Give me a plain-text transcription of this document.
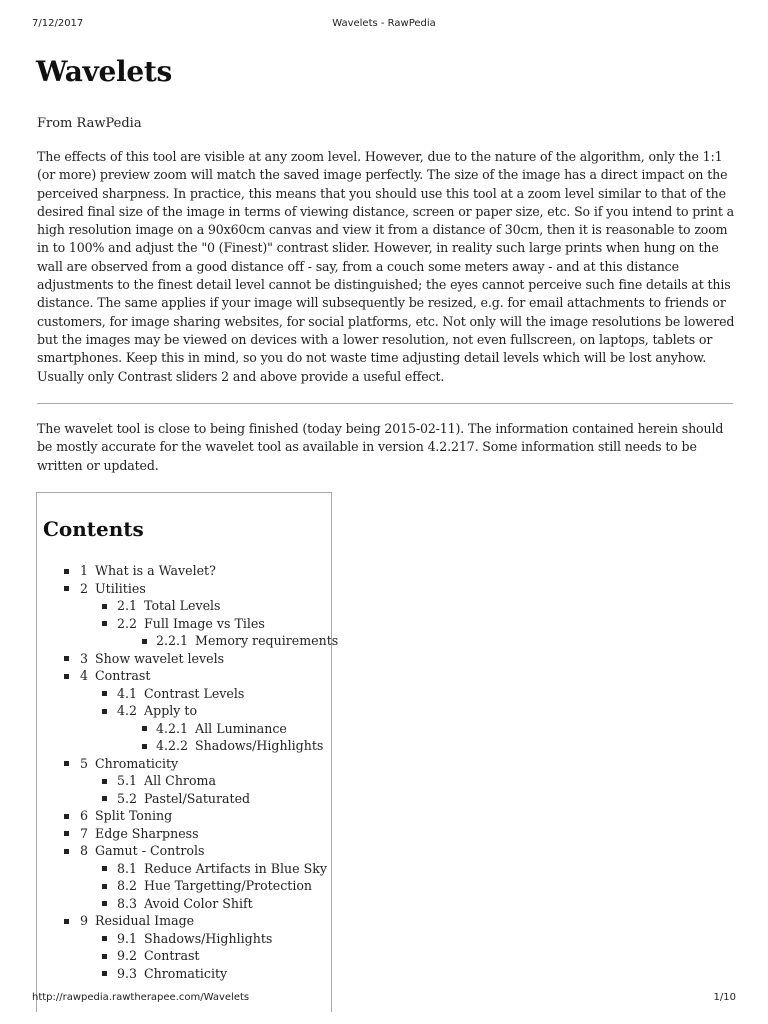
7/12/2017	Wavelets - RawPedia
Wavelets
From RawPedia

The effects of this tool are visible at any zoom level. However, due to the nature of the algorithm, only the 1:1 (or more) preview zoom will match the saved image perfectly. The size of the image has a direct impact on the perceived sharpness. In practice, this means that you should use this tool at a zoom level similar to that of the desired final size of the image in terms of viewing distance, screen or paper size, etc. So if you intend to print a high resolution image on a 90x60cm canvas and view it from a distance of 30cm, then it is reasonable to zoom in to 100% and adjust the "0 (Finest)" contrast slider. However, in reality such large prints when hung on the wall are observed from a good distance off - say, from a couch some meters away - and at this distance adjustments to the finest detail level cannot be distinguished; the eyes cannot perceive such fine details at this distance. The same applies if your image will subsequently be resized, e.g. for email attachments to friends or customers, for image sharing websites, for social platforms, etc. Not only will the image resolutions be lowered but the images may be viewed on devices with a lower resolution, not even fullscreen, on laptops, tablets or smartphones. Keep this in mind, so you do not waste time adjusting detail levels which will be lost anyhow. Usually only Contrast sliders 2 and above provide a useful effect.

The wavelet tool is close to being finished (today being 2015-02-11). The information contained herein should be mostly accurate for the wavelet tool as available in version 4.2.217. Some information still needs to be written or updated.

Contents
1 What is a Wavelet?
2 Utilities
2.1 Total Levels
2.2 Full Image vs Tiles
2.2.1 Memory requirements
3 Show wavelet levels
4 Contrast
4.1 Contrast Levels
4.2 Apply to
4.2.1 All Luminance
4.2.2 Shadows/Highlights
5 Chromaticity
5.1 All Chroma
5.2 Pastel/Saturated
6 Split Toning
7 Edge Sharpness
8 Gamut - Controls
8.1 Reduce Artifacts in Blue Sky
8.2 Hue Targetting/Protection
8.3 Avoid Color Shift
9 Residual Image
9.1 Shadows/Highlights
9.2 Contrast
9.3 Chromaticity
http://rawpedia.rawtherapee.com/Wavelets	1/10
